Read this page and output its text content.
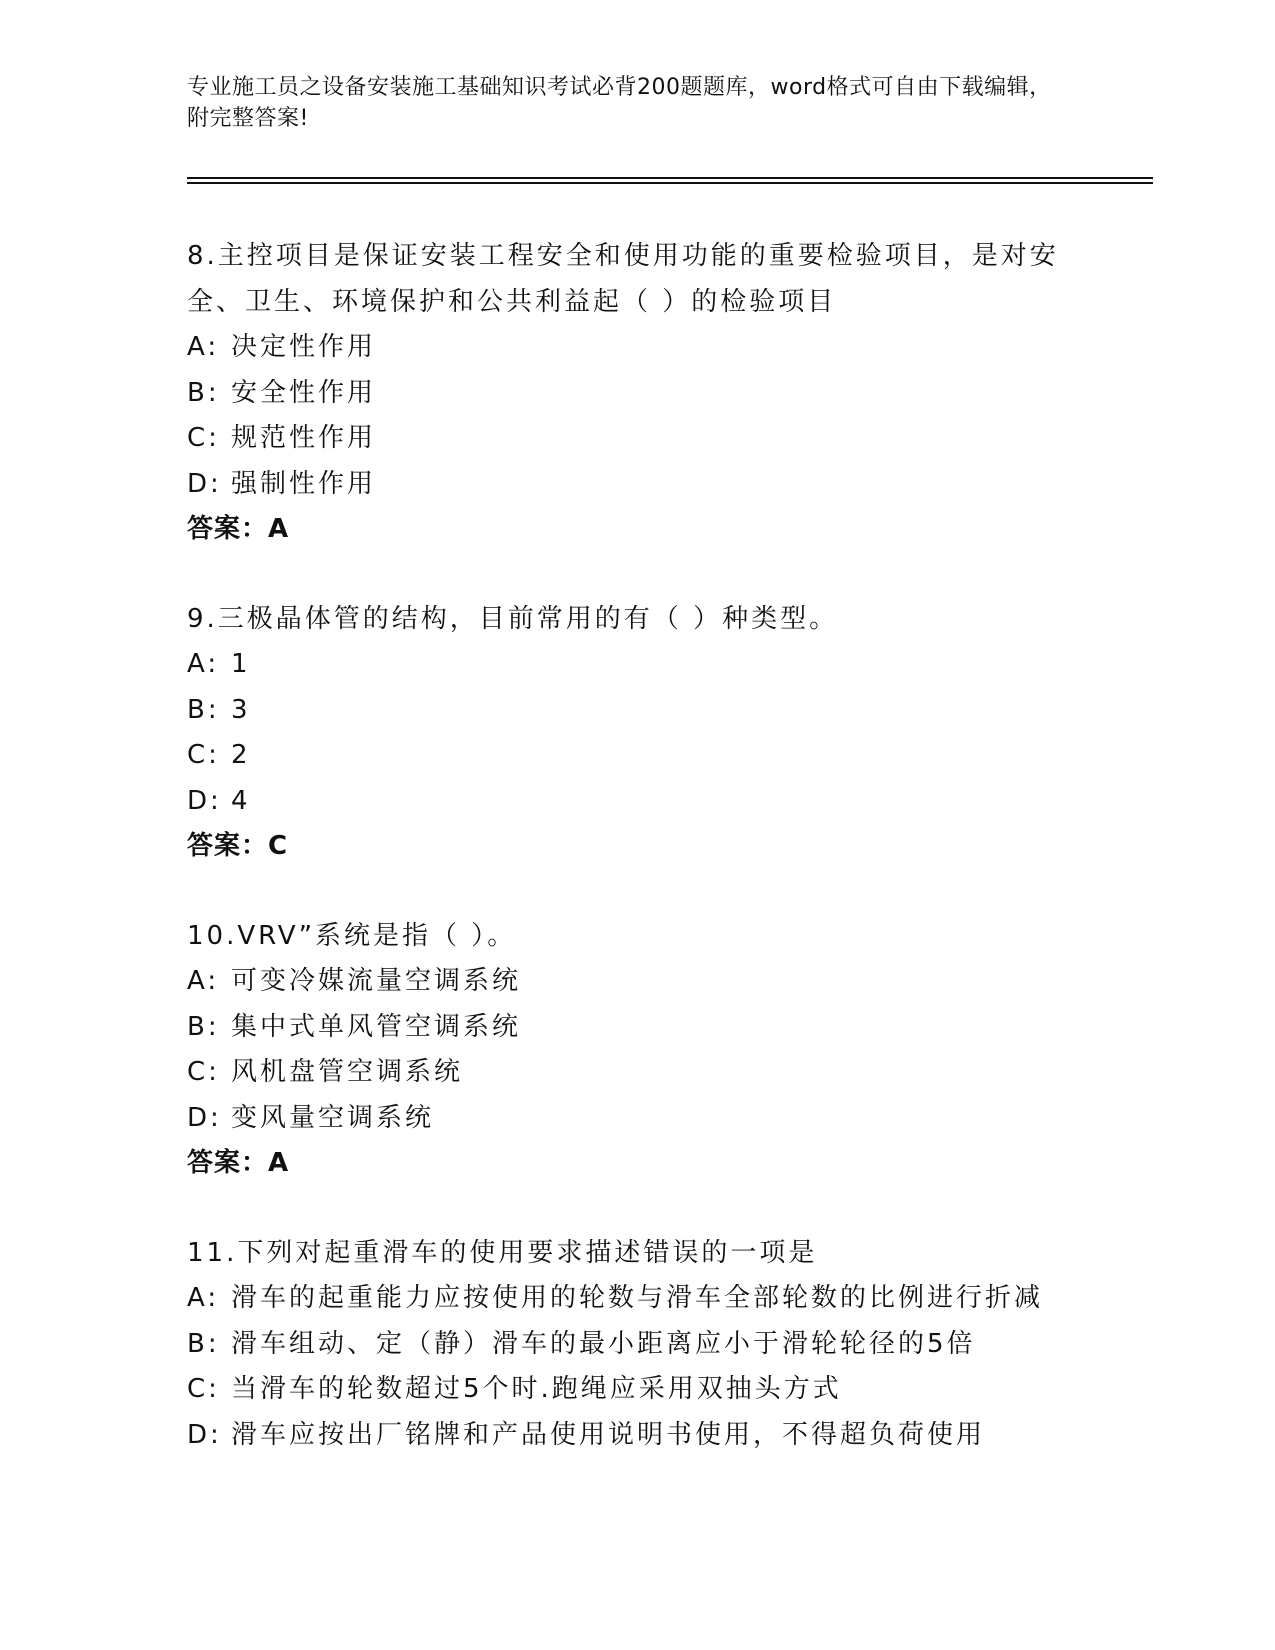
专业施工员之设备安装施工基础知识考试必背200题题库，word格式可自由下载编辑，附完整答案!
8.主控项目是保证安装工程安全和使用功能的重要检验项目，是对安全、卫生、环境保护和公共利益起（ ）的检验项目
A: 决定性作用
B: 安全性作用
C: 规范性作用
D: 强制性作用
答案：A
9.三极晶体管的结构，目前常用的有（ ）种类型。
A: 1
B: 3
C: 2
D: 4
答案：C
10.VRV”系统是指（ ）。
A: 可变冷媒流量空调系统
B: 集中式单风管空调系统
C: 风机盘管空调系统
D: 变风量空调系统
答案：A
11.下列对起重滑车的使用要求描述错误的一项是
A: 滑车的起重能力应按使用的轮数与滑车全部轮数的比例进行折减
B: 滑车组动、定（静）滑车的最小距离应小于滑轮轮径的5倍
C: 当滑车的轮数超过5个时.跑绳应采用双抽头方式
D: 滑车应按出厂铭牌和产品使用说明书使用，不得超负荷使用
